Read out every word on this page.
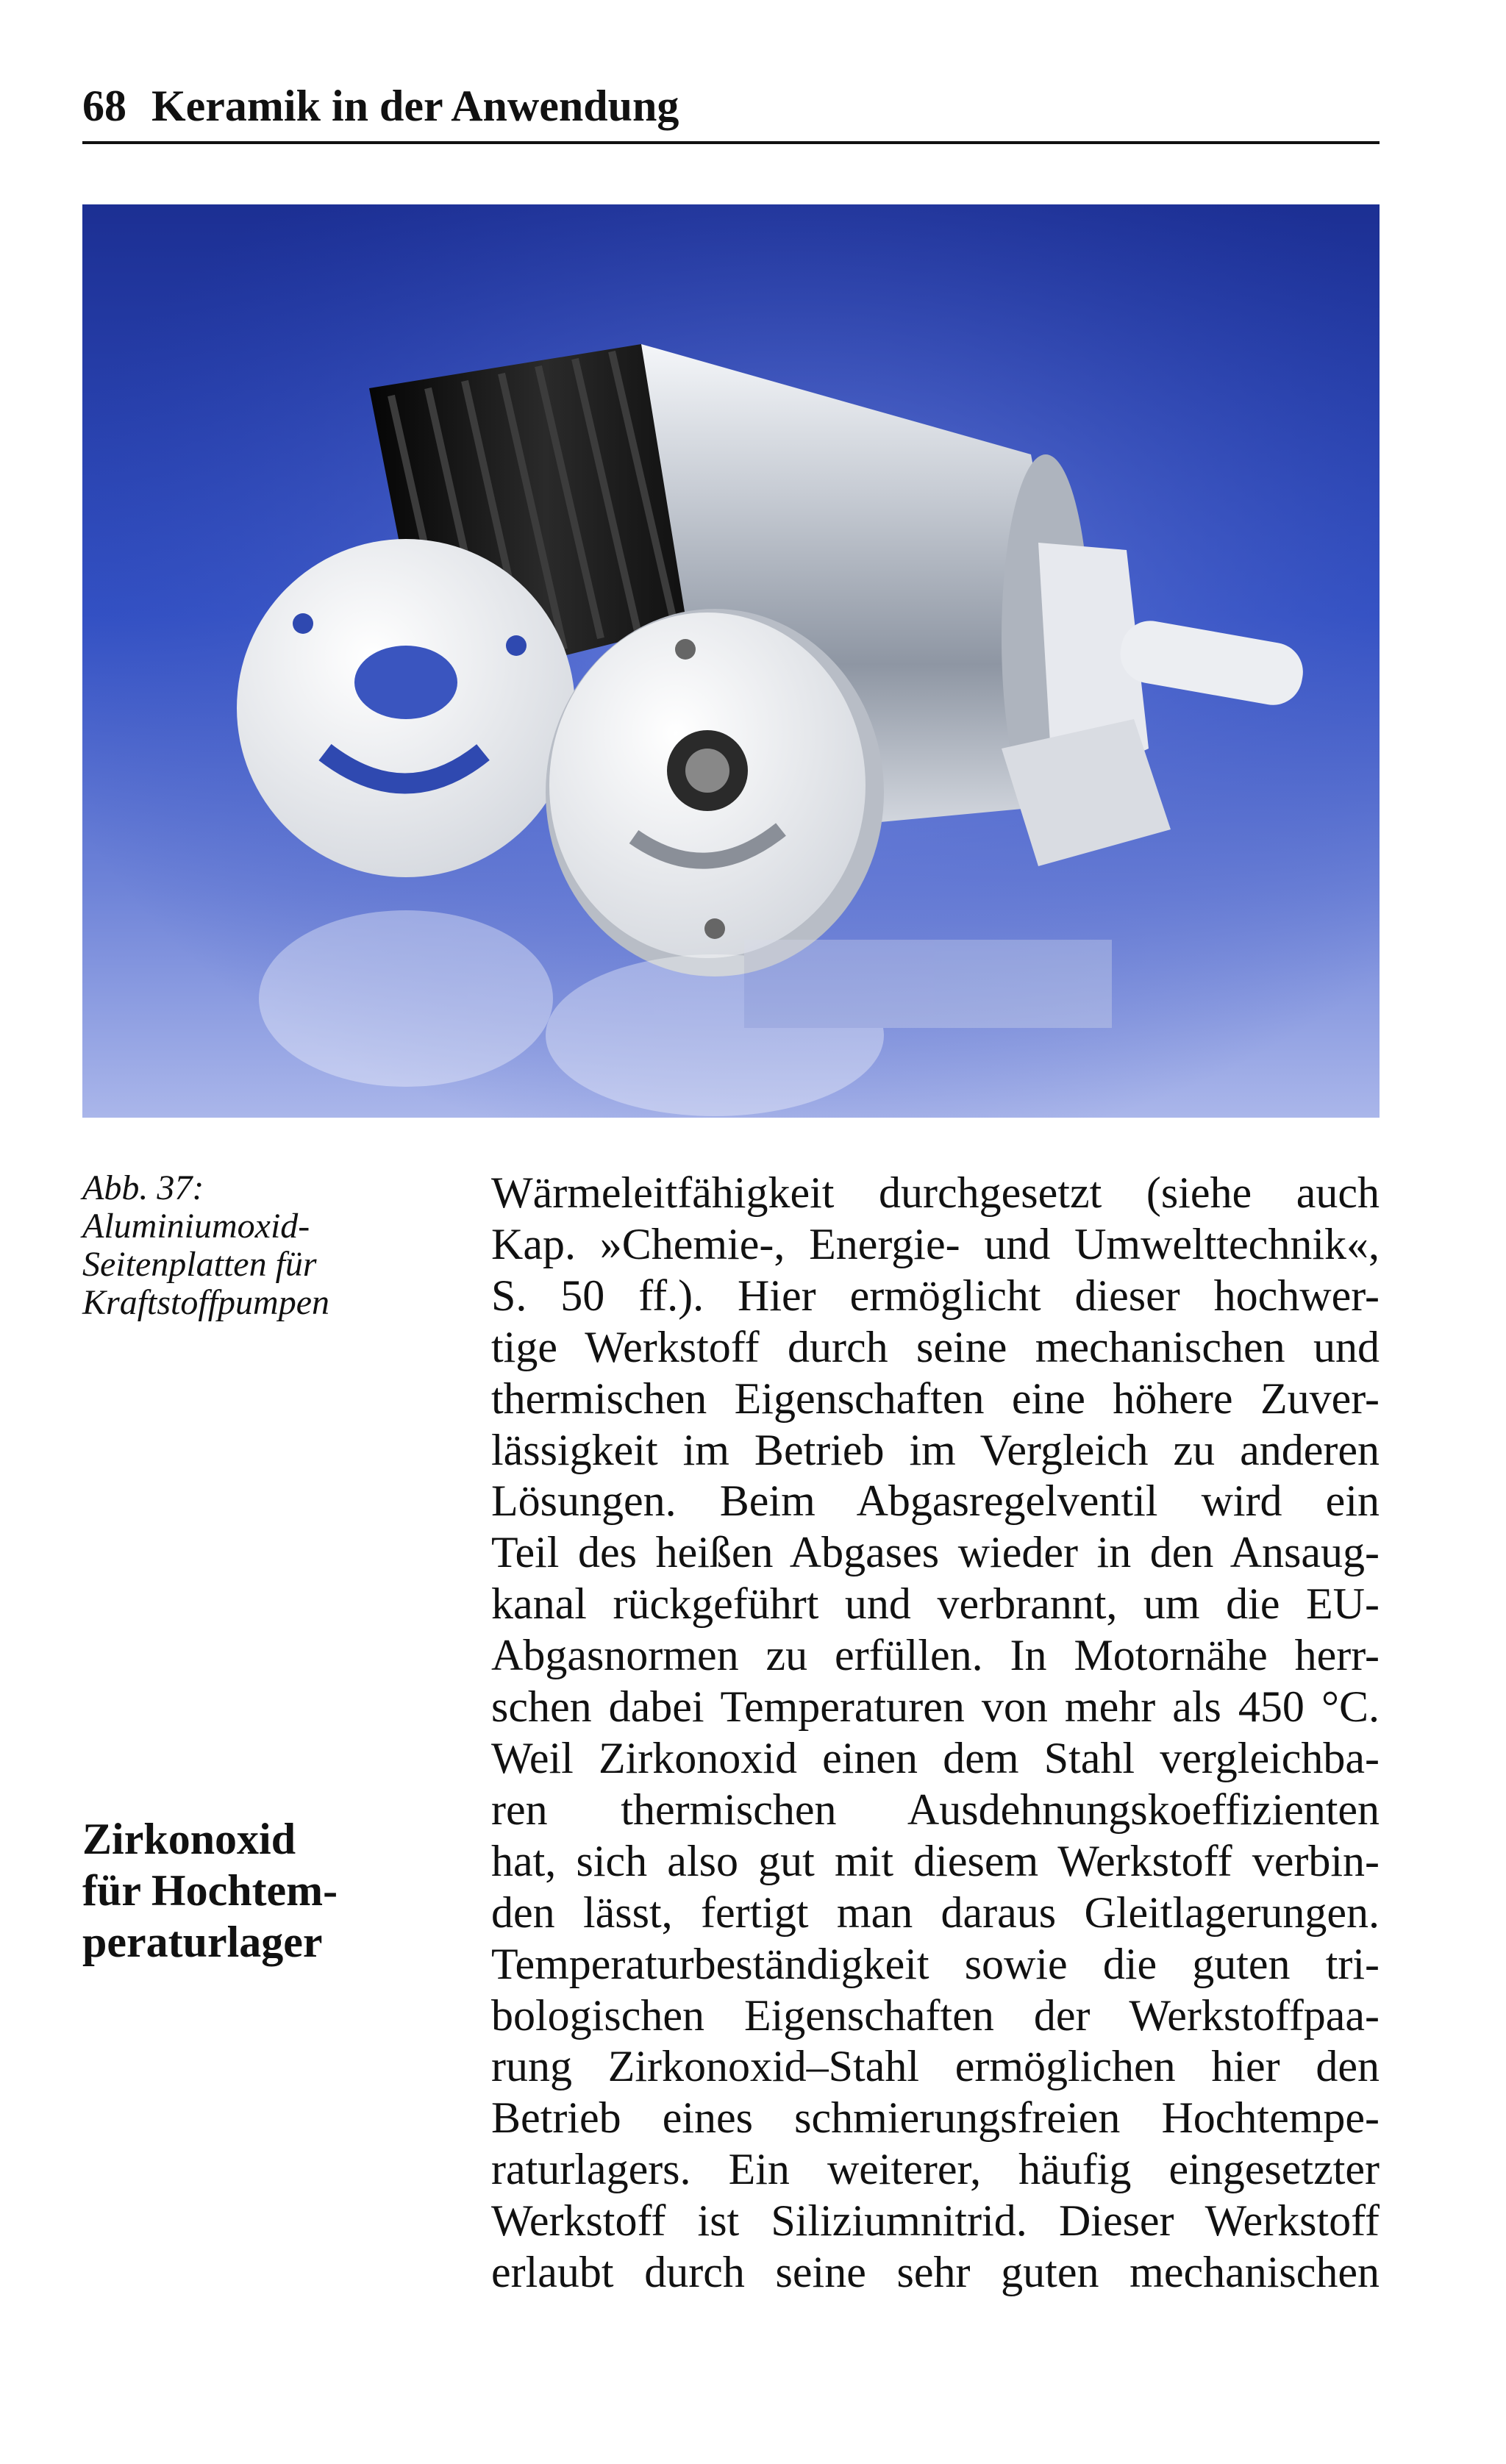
68 Keramik in der Anwendung
Abb. 37:
Aluminiumoxid-
Seitenplatten für
Kraftstoffpumpen
Zirkonoxid
für Hochtem-
peraturlager
Wärmeleitfähigkeit durchgesetzt (siehe auch
Kap. »Chemie-, Energie- und Umwelttechnik«,
S. 50 ff.). Hier ermöglicht dieser hochwer-
tige Werkstoff durch seine mechanischen und
thermischen Eigenschaften eine höhere Zuver-
lässigkeit im Betrieb im Vergleich zu anderen
Lösungen. Beim Abgasregelventil wird ein
Teil des heißen Abgases wieder in den Ansaug-
kanal rückgeführt und verbrannt, um die EU-
Abgasnormen zu erfüllen. In Motornähe herr-
schen dabei Temperaturen von mehr als 450 °C.
Weil Zirkonoxid einen dem Stahl vergleichba-
ren thermischen Ausdehnungskoeffizienten
hat, sich also gut mit diesem Werkstoff verbin-
den lässt, fertigt man daraus Gleitlagerungen.
Temperaturbeständigkeit sowie die guten tri-
bologischen Eigenschaften der Werkstoffpaa-
rung Zirkonoxid–Stahl ermöglichen hier den
Betrieb eines schmierungsfreien Hochtempe-
raturlagers. Ein weiterer, häufig eingesetzter
Werkstoff ist Siliziumnitrid. Dieser Werkstoff
erlaubt durch seine sehr guten mechanischen
